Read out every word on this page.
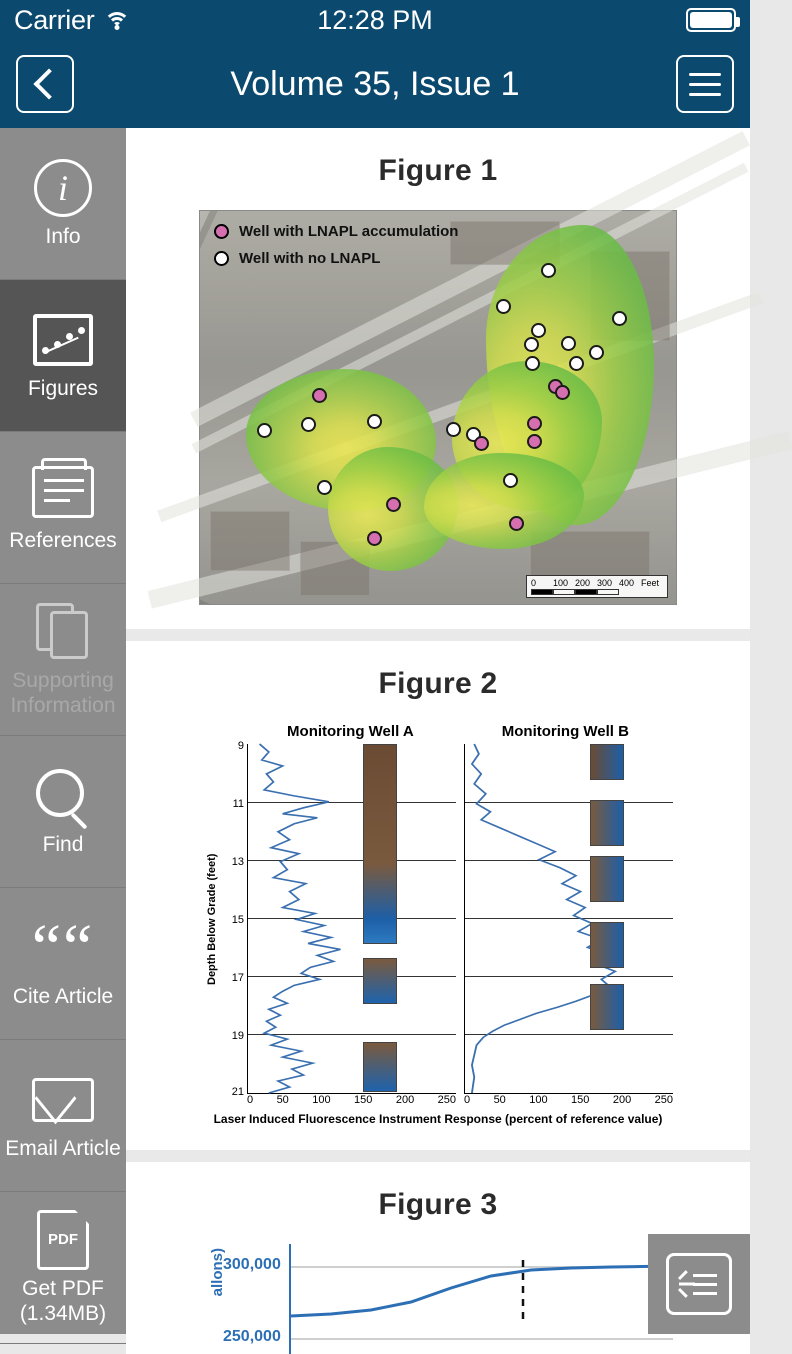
Carrier	12:28 PM
Volume 35, Issue 1
i
Info
Figures
References
Supporting Information
Find
““
Cite Article
Email Article
PDF
Get PDF (1.34MB)
Figure 1
Well with LNAPL accumulation
Well with no LNAPL
0	100 200 300 400 Feet
Figure 2
Monitoring Well A	Monitoring Well B
Depth Below Grade (feet)
9
11
13
15
17
19
21
0 50 100 150 200 250 0 50 100 150 200 250
Laser Induced Fluorescence Instrument Response (percent of reference value)
Figure 3
allons)
300,000
250,000
